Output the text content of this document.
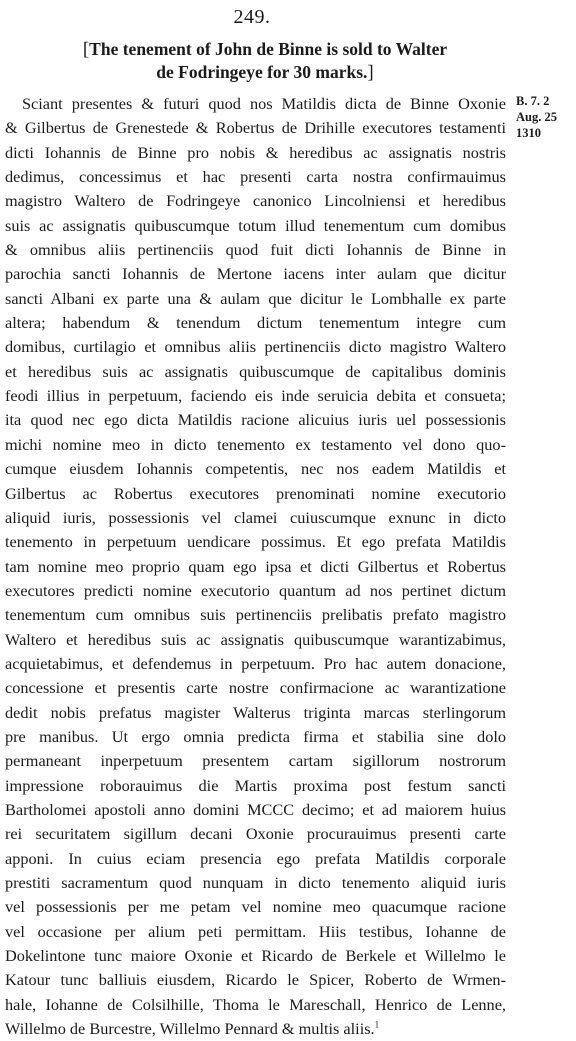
249.
[The tenement of John de Binne is sold to Walter
de Fodringeye for 30 marks.]
B. 7. 2
Aug. 25
1310
Sciant presentes & futuri quod nos Matildis dicta de Binne Oxonie
& Gilbertus de Grenestede & Robertus de Drihille executores testamenti
dicti Iohannis de Binne pro nobis & heredibus ac assignatis nostris
dedimus, concessimus et hac presenti carta nostra confirmauimus
magistro Waltero de Fodringeye canonico Lincolniensi et heredibus
suis ac assignatis quibuscumque totum illud tenementum cum domibus
& omnibus aliis pertinenciis quod fuit dicti Iohannis de Binne in
parochia sancti Iohannis de Mertone iacens inter aulam que dicitur
sancti Albani ex parte una & aulam que dicitur le Lombhalle ex parte
altera; habendum & tenendum dictum tenementum integre cum
domibus, curtilagio et omnibus aliis pertinenciis dicto magistro Waltero
et heredibus suis ac assignatis quibuscumque de capitalibus dominis
feodi illius in perpetuum, faciendo eis inde seruicia debita et consueta;
ita quod nec ego dicta Matildis racione alicuius iuris uel possessionis
michi nomine meo in dicto tenemento ex testamento vel dono quo-
cumque eiusdem Iohannis competentis, nec nos eadem Matildis et
Gilbertus ac Robertus executores prenominati nomine executorio
aliquid iuris, possessionis vel clamei cuiuscumque exnunc in dicto
tenemento in perpetuum uendicare possimus. Et ego prefata Matildis
tam nomine meo proprio quam ego ipsa et dicti Gilbertus et Robertus
executores predicti nomine executorio quantum ad nos pertinet dictum
tenementum cum omnibus suis pertinenciis prelibatis prefato magistro
Waltero et heredibus suis ac assignatis quibuscumque warantizabimus,
acquietabimus, et defendemus in perpetuum. Pro hac autem donacione,
concessione et presentis carte nostre confirmacione ac warantizatione
dedit nobis prefatus magister Walterus triginta marcas sterlingorum
pre manibus. Ut ergo omnia predicta firma et stabilia sine dolo
permaneant inperpetuum presentem cartam sigillorum nostrorum
impressione roborauimus die Martis proxima post festum sancti
Bartholomei apostoli anno domini MCCC decimo; et ad maiorem huius
rei securitatem sigillum decani Oxonie procurauimus presenti carte
apponi. In cuius eciam presencia ego prefata Matildis corporale
prestiti sacramentum quod nunquam in dicto tenemento aliquid iuris
vel possessionis per me petam vel nomine meo quacumque racione
vel occasione per alium peti permittam. Hiis testibus, Iohanne de
Dokelintone tunc maiore Oxonie et Ricardo de Berkele et Willelmo le
Katour tunc balliuis eiusdem, Ricardo le Spicer, Roberto de Wrmen-
hale, Iohanne de Colsilhille, Thoma le Mareschall, Henrico de Lenne,
Willelmo de Burcestre, Willelmo Pennard & multis aliis.$^1$
